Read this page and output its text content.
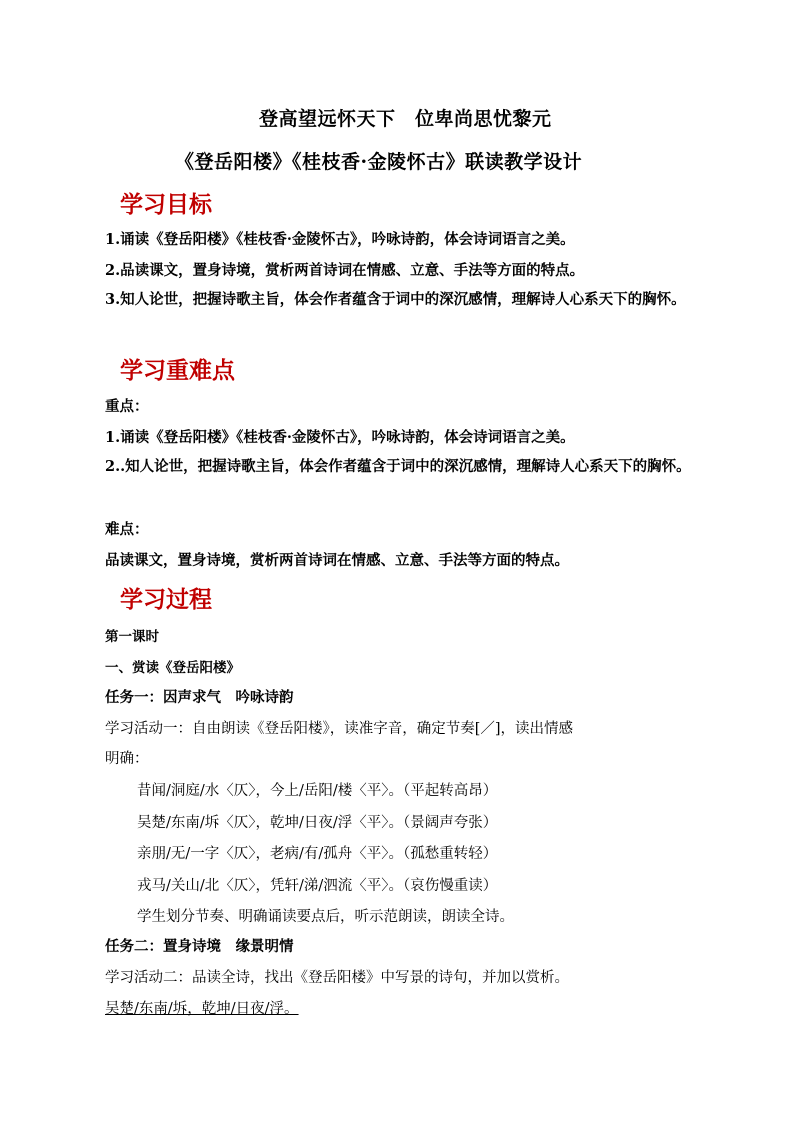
登高望远怀天下　位卑尚思忧黎元
《登岳阳楼》《桂枝香·金陵怀古》联读教学设计
学习目标
1.诵读《登岳阳楼》《桂枝香·金陵怀古》，吟咏诗韵，体会诗词语言之美。
2.品读课文，置身诗境，赏析两首诗词在情感、立意、手法等方面的特点。
3.知人论世，把握诗歌主旨，体会作者蕴含于词中的深沉感情，理解诗人心系天下的胸怀。
学习重难点
重点：
1.诵读《登岳阳楼》《桂枝香·金陵怀古》，吟咏诗韵，体会诗词语言之美。
2..知人论世，把握诗歌主旨，体会作者蕴含于词中的深沉感情，理解诗人心系天下的胸怀。
难点：
品读课文，置身诗境，赏析两首诗词在情感、立意、手法等方面的特点。
学习过程
第一课时
一、赏读《登岳阳楼》
任务一：因声求气　吟咏诗韵
学习活动一：自由朗读《登岳阳楼》，读准字音，确定节奏[／]，读出情感
明确：
昔闻/洞庭/水〈仄〉，今上/岳阳/楼〈平〉。（平起转高昂）
吴楚/东南/坼〈仄〉，乾坤/日夜/浮〈平〉。（景阔声夸张）
亲朋/无/一字〈仄〉，老病/有/孤舟〈平〉。（孤愁重转轻）
戎马/关山/北〈仄〉，凭轩/涕/泗流〈平〉。（哀伤慢重读）
学生划分节奏、明确诵读要点后，听示范朗读，朗读全诗。
任务二：置身诗境　缘景明情
学习活动二：品读全诗，找出《登岳阳楼》中写景的诗句，并加以赏析。
吴楚/东南/坼，乾坤/日夜/浮。
